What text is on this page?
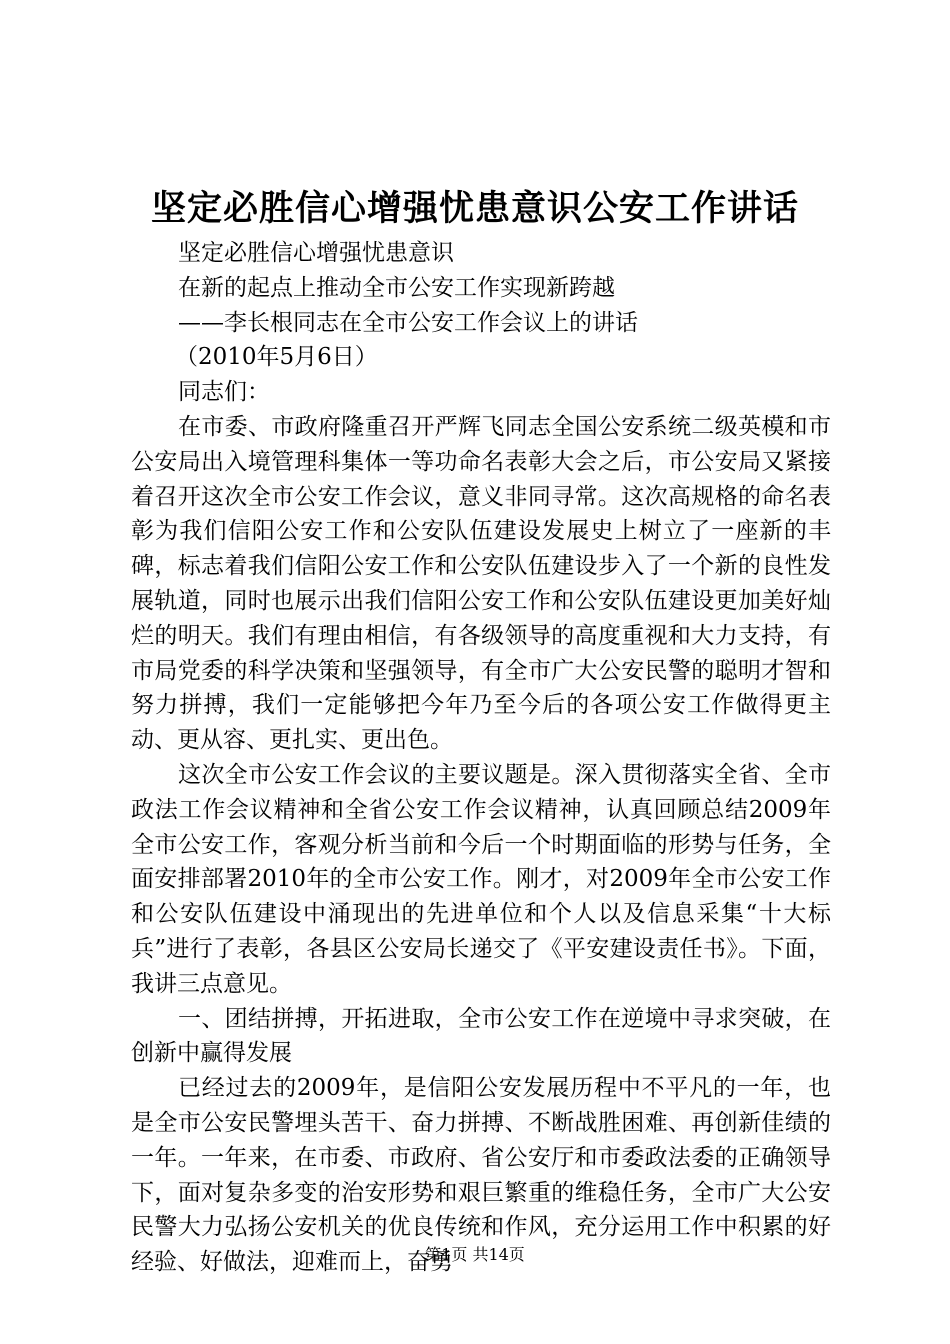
坚定必胜信心增强忧患意识公安工作讲话

坚定必胜信心增强忧患意识

在新的起点上推动全市公安工作实现新跨越

——李长根同志在全市公安工作会议上的讲话

（2010年5月6日）

同志们：

在市委、市政府隆重召开严辉飞同志全国公安系统二级英模和市公安局出入境管理科集体一等功命名表彰大会之后，市公安局又紧接着召开这次全市公安工作会议，意义非同寻常。这次高规格的命名表彰为我们信阳公安工作和公安队伍建设发展史上树立了一座新的丰碑，标志着我们信阳公安工作和公安队伍建设步入了一个新的良性发展轨道，同时也展示出我们信阳公安工作和公安队伍建设更加美好灿烂的明天。我们有理由相信，有各级领导的高度重视和大力支持，有市局党委的科学决策和坚强领导，有全市广大公安民警的聪明才智和努力拼搏，我们一定能够把今年乃至今后的各项公安工作做得更主动、更从容、更扎实、更出色。

这次全市公安工作会议的主要议题是。深入贯彻落实全省、全市政法工作会议精神和全省公安工作会议精神，认真回顾总结2009年全市公安工作，客观分析当前和今后一个时期面临的形势与任务，全面安排部署2010年的全市公安工作。刚才，对2009年全市公安工作和公安队伍建设中涌现出的先进单位和个人以及信息采集“十大标兵”进行了表彰，各县区公安局长递交了《平安建设责任书》。下面，我讲三点意见。

一、团结拼搏，开拓进取，全市公安工作在逆境中寻求突破，在创新中赢得发展

已经过去的2009年，是信阳公安发展历程中不平凡的一年，也是全市公安民警埋头苦干、奋力拼搏、不断战胜困难、再创新佳绩的一年。一年来，在市委、市政府、省公安厅和市委政法委的正确领导下，面对复杂多变的治安形势和艰巨繁重的维稳任务，全市广大公安民警大力弘扬公安机关的优良传统和作风，充分运用工作中积累的好经验、好做法，迎难而上，奋勇

第1页 共14页
